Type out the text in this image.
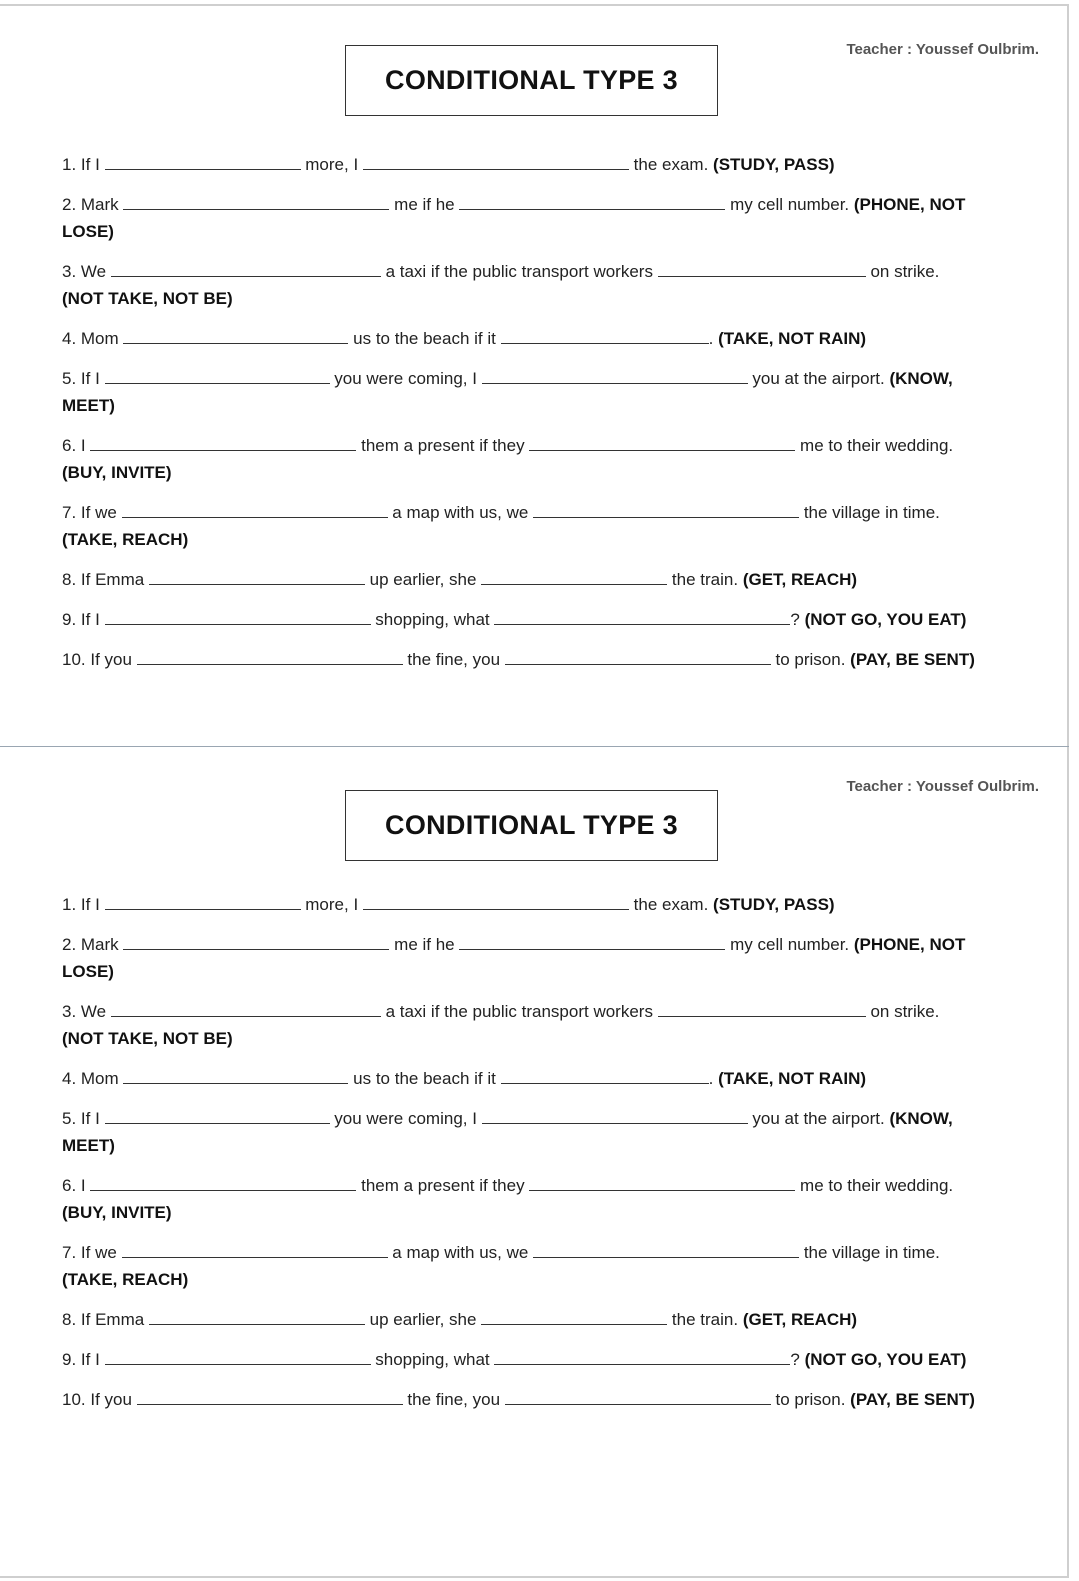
CONDITIONAL TYPE 3
Teacher : Youssef Oulbrim.
1. If I	more, I	the exam. (STUDY, PASS)
2. Mark	me if he	my cell number. (PHONE, NOT LOSE)
3. We	a taxi if the public transport workers	on strike.
(NOT TAKE, NOT BE)
4. Mom	us to the beach if it	. (TAKE, NOT RAIN)
5. If I	you were coming, I	you at the airport. (KNOW, MEET)
6. I	them a present if they	me to their wedding.
(BUY, INVITE)
7. If we	a map with us, we	the village in time.
(TAKE, REACH)
8. If Emma	up earlier, she	the train. (GET, REACH)
9. If I	shopping, what	? (NOT GO, YOU EAT)
10. If you	the fine, you	to prison. (PAY, BE SENT)
CONDITIONAL TYPE 3
Teacher : Youssef Oulbrim.
1. If I	more, I	the exam. (STUDY, PASS)
2. Mark	me if he	my cell number. (PHONE, NOT LOSE)
3. We	a taxi if the public transport workers	on strike.
(NOT TAKE, NOT BE)
4. Mom	us to the beach if it	. (TAKE, NOT RAIN)
5. If I	you were coming, I	you at the airport. (KNOW, MEET)
6. I	them a present if they	me to their wedding.
(BUY, INVITE)
7. If we	a map with us, we	the village in time.
(TAKE, REACH)
8. If Emma	up earlier, she	the train. (GET, REACH)
9. If I	shopping, what	? (NOT GO, YOU EAT)
10. If you	the fine, you	to prison. (PAY, BE SENT)
